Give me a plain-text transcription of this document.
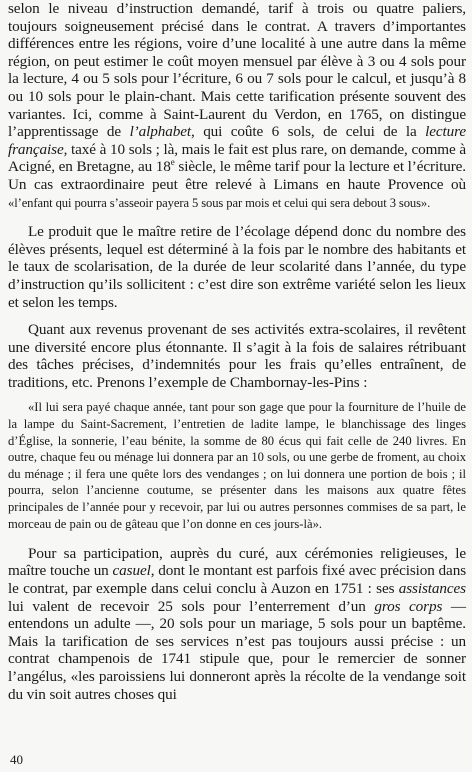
selon le niveau d’instruction demandé, tarif à trois ou quatre paliers, toujours soigneusement précisé dans le contrat. A travers d’importantes différences entre les régions, voire d’une localité à une autre dans la même région, on peut estimer le coût moyen mensuel par élève à 3 ou 4 sols pour la lecture, 4 ou 5 sols pour l’écriture, 6 ou 7 sols pour le calcul, et jusqu’à 8 ou 10 sols pour le plain-chant. Mais cette tarification présente souvent des variantes. Ici, comme à Saint-Laurent du Verdon, en 1765, on distingue l’apprentissage de l’alphabet, qui coûte 6 sols, de celui de la lecture française, taxé à 10 sols ; là, mais le fait est plus rare, on demande, comme à Acigné, en Bretagne, au 18e siècle, le même tarif pour la lecture et l’écriture. Un cas extraordinaire peut être relevé à Limans en haute Provence où «l’enfant qui pourra s’asseoir payera 5 sous par mois et celui qui sera debout 3 sous».

Le produit que le maître retire de l’écolage dépend donc du nombre des élèves présents, lequel est déterminé à la fois par le nombre des habitants et le taux de scolarisation, de la durée de leur scolarité dans l’année, du type d’instruction qu’ils sollicitent : c’est dire son extrême variété selon les lieux et selon les temps.

Quant aux revenus provenant de ses activités extra-scolaires, il revêtent une diversité encore plus étonnante. Il s’agit à la fois de salaires rétribuant des tâches précises, d’indemnités pour les frais qu’elles entraînent, de traditions, etc. Prenons l’exemple de Chambornay-les-Pins :

«Il lui sera payé chaque année, tant pour son gage que pour la fourniture de l’huile de la lampe du Saint-Sacrement, l’entretien de ladite lampe, le blanchissage des linges d’Église, la sonnerie, l’eau bénite, la somme de 80 écus qui fait celle de 240 livres. En outre, chaque feu ou ménage lui donnera par an 10 sols, ou une gerbe de froment, au choix du ménage ; il fera une quête lors des vendanges ; on lui donnera une portion de bois ; il pourra, selon l’ancienne coutume, se présenter dans les maisons aux quatre fêtes principales de l’année pour y recevoir, par lui ou autres personnes commises de sa part, le morceau de pain ou de gâteau que l’on donne en ces jours-là».

Pour sa participation, auprès du curé, aux cérémonies religieuses, le maître touche un casuel, dont le montant est parfois fixé avec précision dans le contrat, par exemple dans celui conclu à Auzon en 1751 : ses assistances lui valent de recevoir 25 sols pour l’enterrement d’un gros corps — entendons un adulte —, 20 sols pour un mariage, 5 sols pour un baptême. Mais la tarification de ses services n’est pas toujours aussi précise : un contrat champenois de 1741 stipule que, pour le remercier de sonner l’angélus, «les paroissiens lui donneront après la récolte de la vendange soit du vin soit autres choses qui

40
